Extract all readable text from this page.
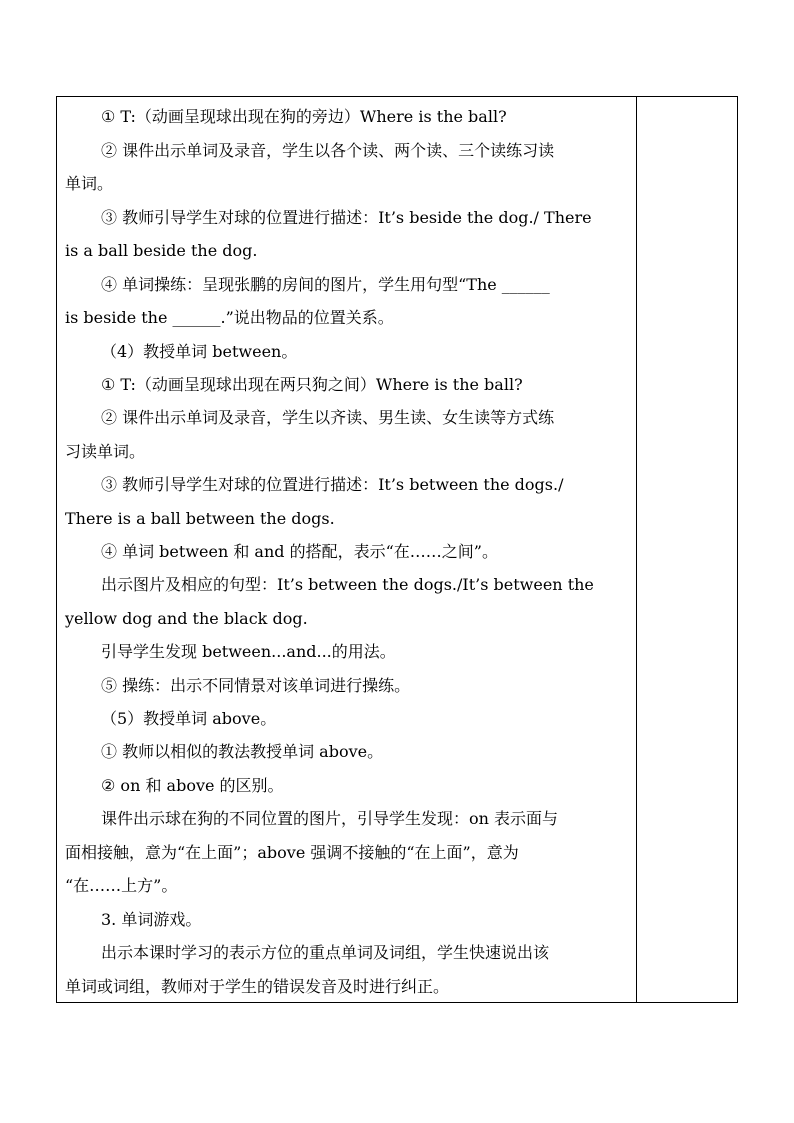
① T:（动画呈现球出现在狗的旁边）Where is the ball?
② 课件出示单词及录音，学生以各个读、两个读、三个读练习读
单词。
③ 教师引导学生对球的位置进行描述：It’s beside the dog./ There
is a ball beside the dog.
④ 单词操练：呈现张鹏的房间的图片，学生用句型“The ______
is beside the ______.”说出物品的位置关系。
（4）教授单词 between。
① T:（动画呈现球出现在两只狗之间）Where is the ball?
② 课件出示单词及录音，学生以齐读、男生读、女生读等方式练
习读单词。
③ 教师引导学生对球的位置进行描述：It’s between the dogs./
There is a ball between the dogs.
④ 单词 between 和 and 的搭配，表示“在……之间”。
出示图片及相应的句型：It’s between the dogs./It’s between the
yellow dog and the black dog.
引导学生发现 between...and...的用法。
⑤ 操练：出示不同情景对该单词进行操练。
（5）教授单词 above。
① 教师以相似的教法教授单词 above。
② on 和 above 的区别。
课件出示球在狗的不同位置的图片，引导学生发现：on 表示面与
面相接触，意为“在上面”；above 强调不接触的“在上面”，意为
“在……上方”。
3. 单词游戏。
出示本课时学习的表示方位的重点单词及词组，学生快速说出该
单词或词组，教师对于学生的错误发音及时进行纠正。
